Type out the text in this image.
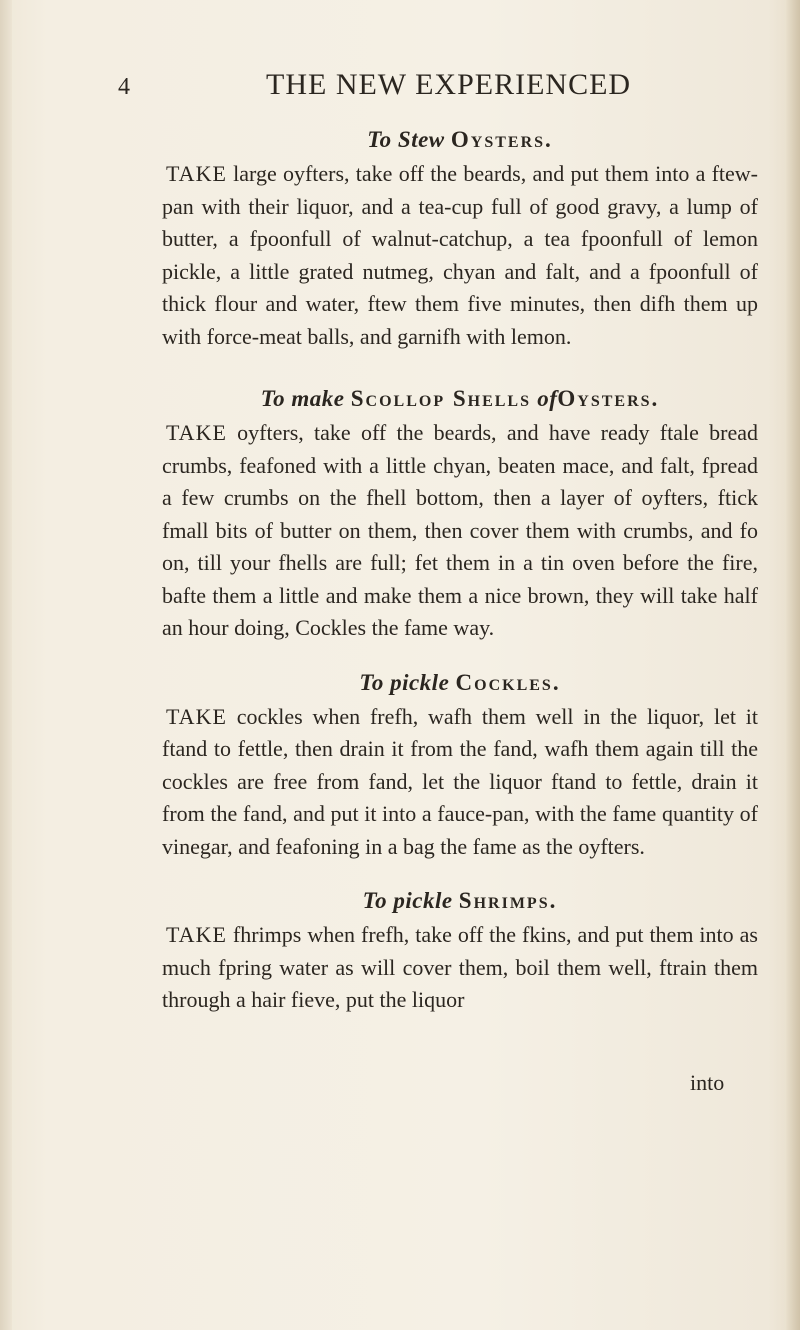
4	THE NEW EXPERIENCED
To Stew Oysters.

TAKE large oyfters, take off the beards, and put them into a ftew-pan with their liquor, and a tea-cup full of good gravy, a lump of butter, a fpoonfull of walnut-catchup, a tea fpoonfull of lemon pickle, a little grated nutmeg, chyan and falt, and a fpoonfull of thick flour and water, ftew them five minutes, then difh them up with force-meat balls, and garnifh with lemon.

To make Scollop Shells ofOysters.

TAKE oyfters, take off the beards, and have ready ftale bread crumbs, feafoned with a little chyan, beaten mace, and falt, fpread a few crumbs on the fhell bottom, then a layer of oyfters, ftick fmall bits of butter on them, then cover them with crumbs, and fo on, till your fhells are full; fet them in a tin oven before the fire, bafte them a little and make them a nice brown, they will take half an hour doing, Cockles the fame way.

To pickle Cockles.

TAKE cockles when frefh, wafh them well in the liquor, let it ftand to fettle, then drain it from the fand, wafh them again till the cockles are free from fand, let the liquor ftand to fettle, drain it from the fand, and put it into a fauce-pan, with the fame quantity of vinegar, and feafoning in a bag the fame as the oyfters.

To pickle Shrimps.

TAKE fhrimps when frefh, take off the fkins, and put them into as much fpring water as will cover them, boil them well, ftrain them through a hair fieve, put the liquor

into
